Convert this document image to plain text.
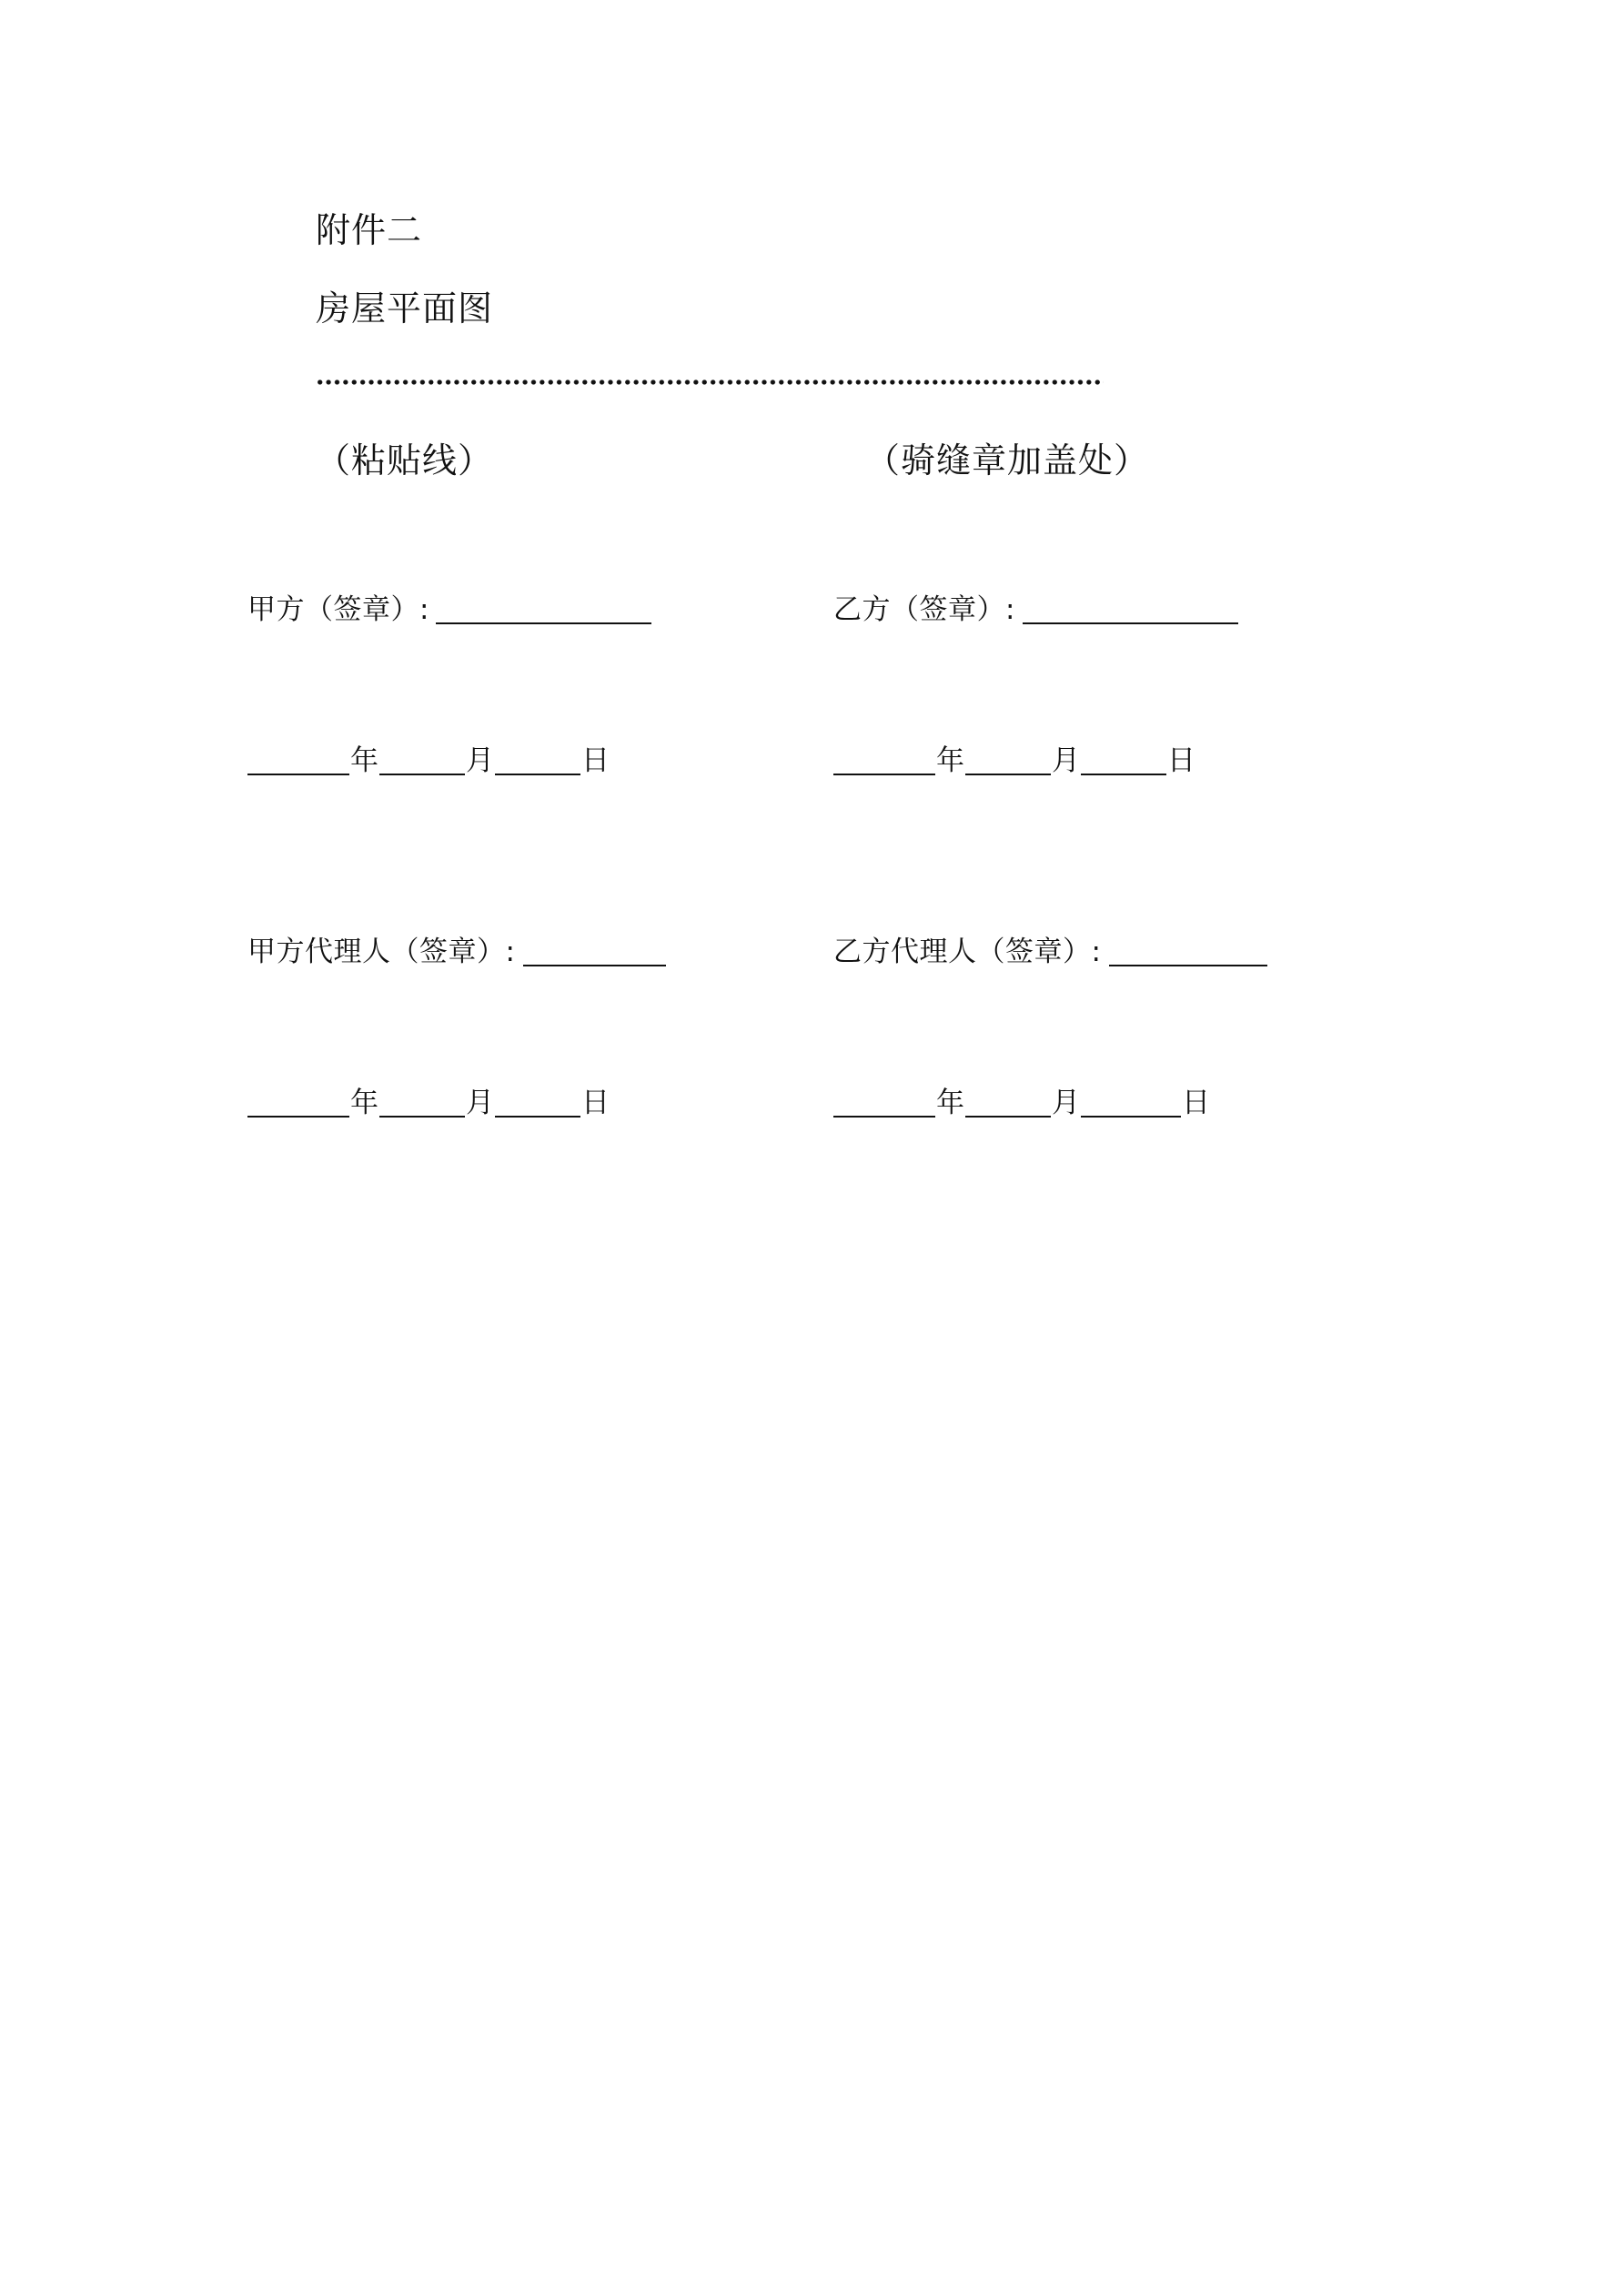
附件二
房屋平面图
（粘贴线）	（骑缝章加盖处）
甲方（签章）:	乙方（签章）:
年	月	日	年	月	日
甲方代理人（签章）:	乙方代理人（签章）:
年	月	日	年	月	日
